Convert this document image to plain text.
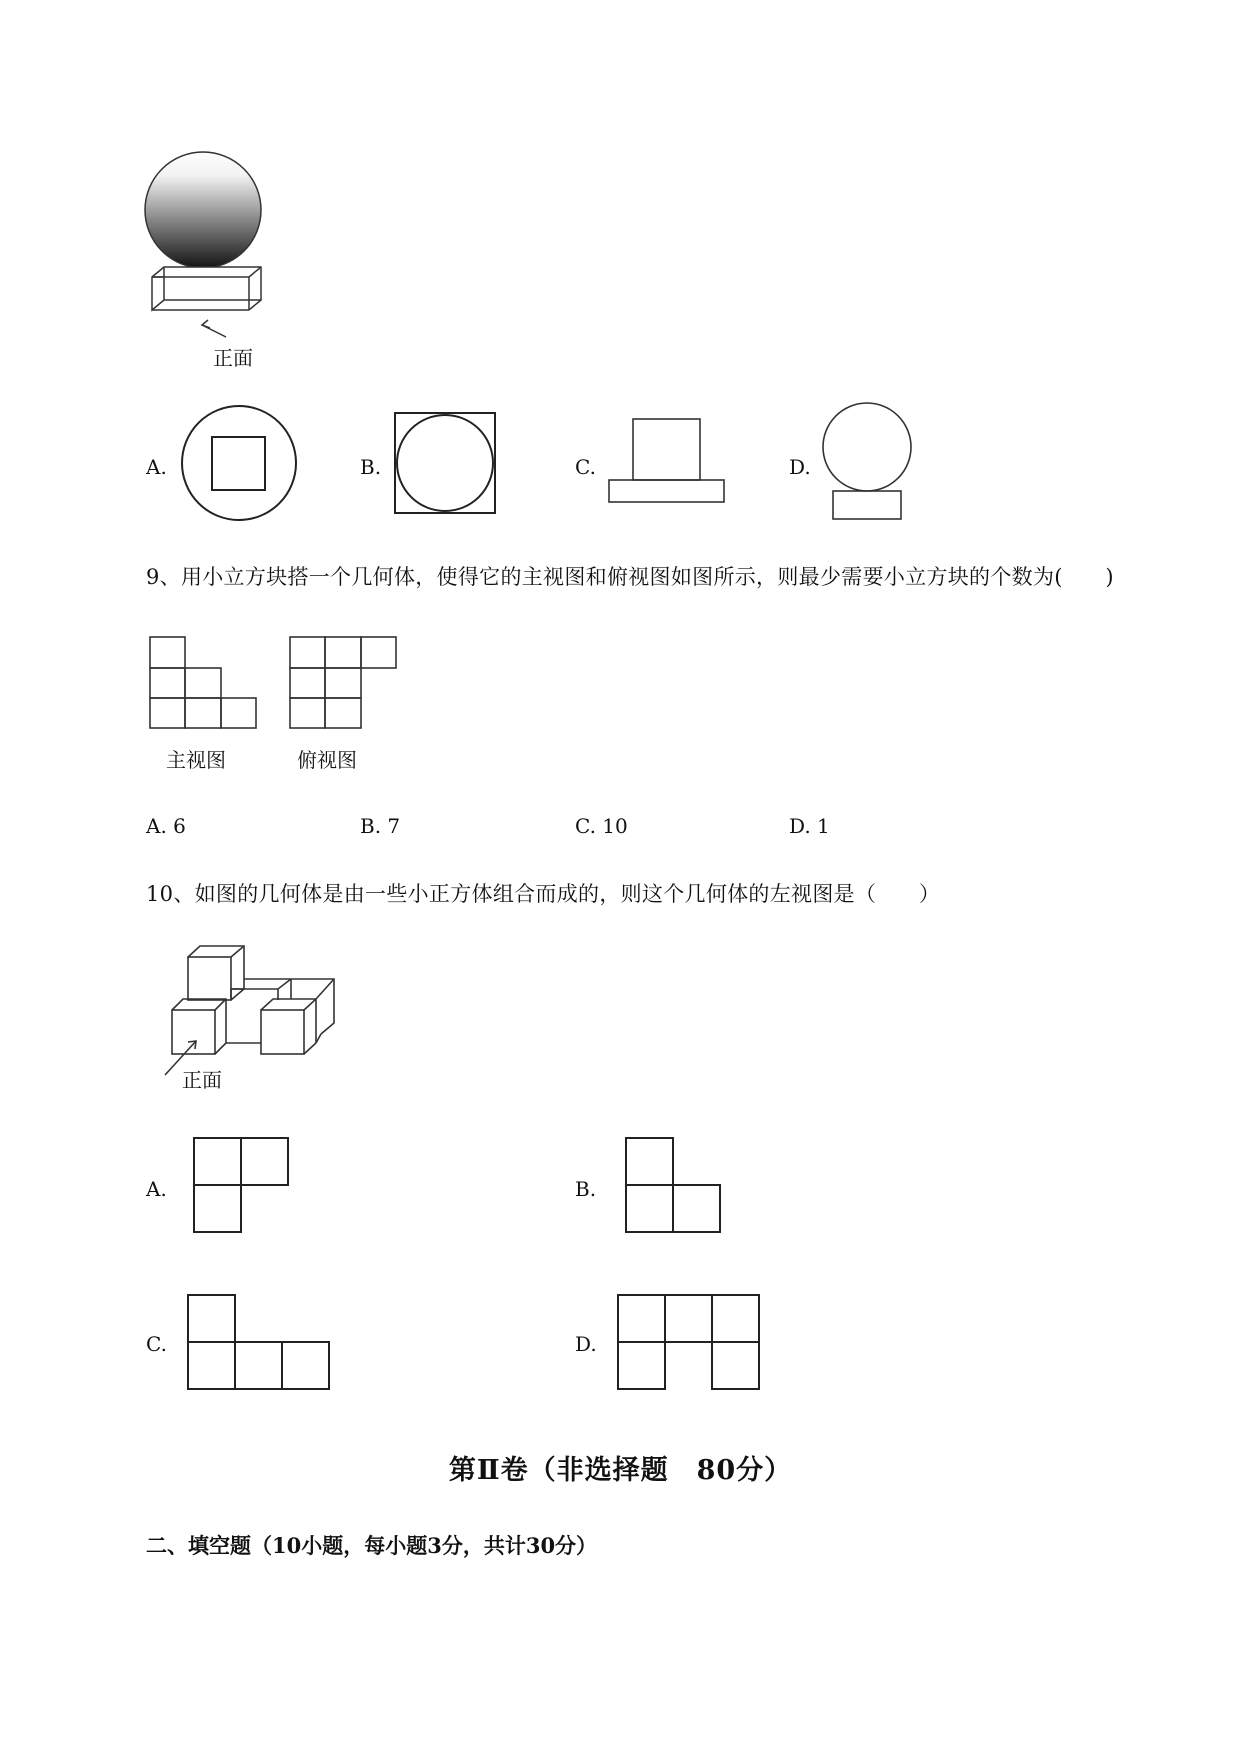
正面
A.	B.	C.	D.
9、用小立方块搭一个几何体，使得它的主视图和俯视图如图所示，则最少需要小立方块的个数为(　　)
主视图	俯视图
A. 6	B. 7	C. 10	D. 1
10、如图的几何体是由一些小正方体组合而成的，则这个几何体的左视图是（　　）
正面
A.	B.
C.	D.
第Ⅱ卷（非选择题　80分）
二、填空题（10小题，每小题3分，共计30分）
